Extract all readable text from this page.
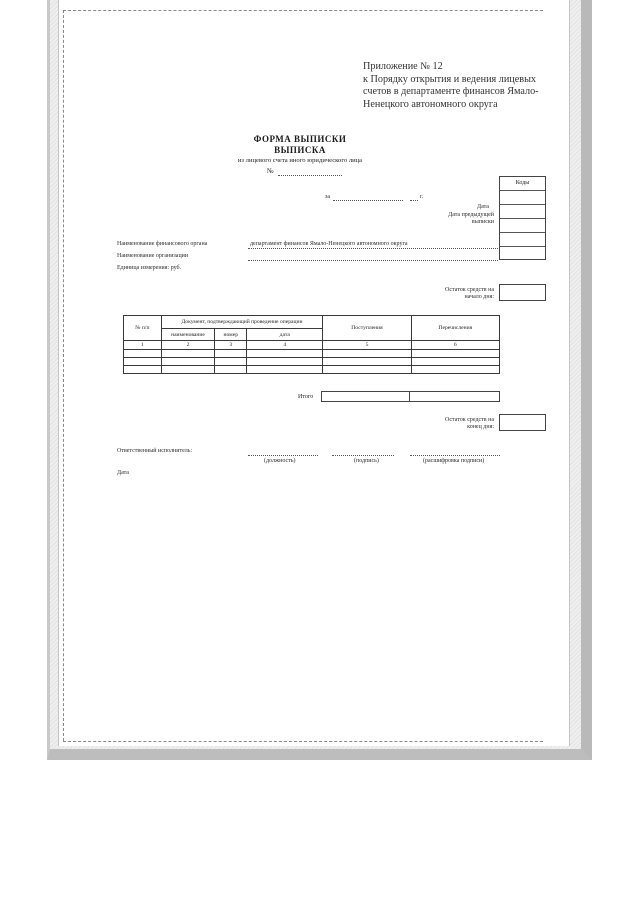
Приложение № 12
к Порядку открытия и ведения лицевых
счетов в департаменте финансов Ямало-
Ненецкого автономного округа
ФОРМА ВЫПИСКИ
ВЫПИСКА
из лицевого счета иного юридического лица
№
за	г.
Коды
Дата
Дата предыдущей выписки
Наименование финансового органа	департамент финансов Ямало-Ненецкого автономного округа
Наименование организации
Единица измерения: руб.
Остаток средств на начало дня:
№ п/п	Документ, подтверждающий проведение операции			Поступления	Перечисления
	наименование	номер	дата		
1	2	3	4	5	6

Итого
Остаток средств на конец дня:
Ответственный исполнитель:
(должность)	(подпись)	(расшифровка подписи)
Дата
